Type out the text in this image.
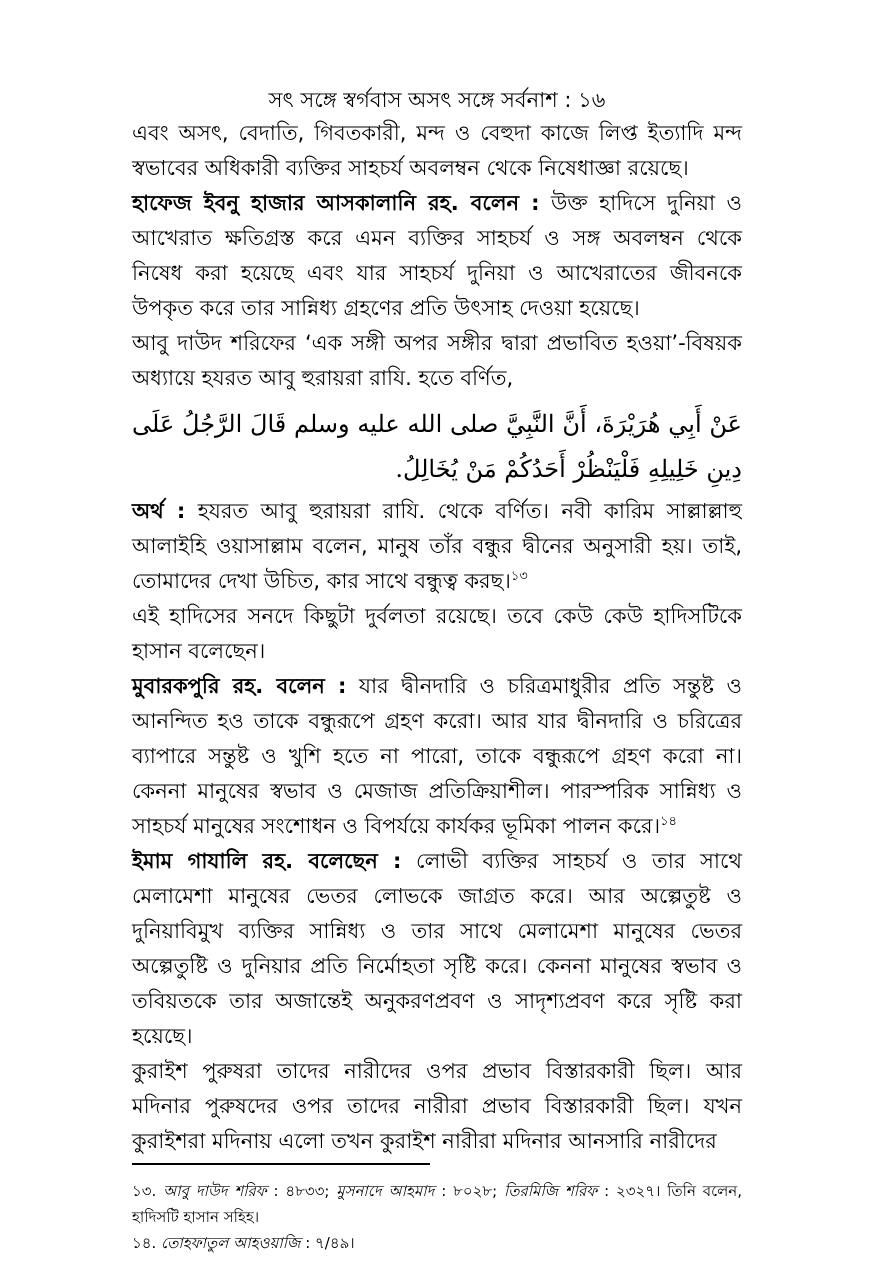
সৎ সঙ্গে স্বর্গবাস অসৎ সঙ্গে সর্বনাশ : ১৬

এবং অসৎ, বেদাতি, গিবতকারী, মন্দ ও বেহুদা কাজে লিপ্ত ইত্যাদি মন্দ স্বভাবের অধিকারী ব্যক্তির সাহচর্য অবলম্বন থেকে নিষেধাজ্ঞা রয়েছে।

হাফেজ ইবনু হাজার আসকালানি রহ. বলেন : উক্ত হাদিসে দুনিয়া ও আখেরাত ক্ষতিগ্রস্ত করে এমন ব্যক্তির সাহচর্য ও সঙ্গ অবলম্বন থেকে নিষেধ করা হয়েছে এবং যার সাহচর্য দুনিয়া ও আখেরাতের জীবনকে উপকৃত করে তার সান্নিধ্য গ্রহণের প্রতি উৎসাহ দেওয়া হয়েছে।

আবু দাউদ শরিফের ‘এক সঙ্গী অপর সঙ্গীর দ্বারা প্রভাবিত হওয়া’-বিষয়ক অধ্যায়ে হযরত আবু হুরায়রা রাযি. হতে বর্ণিত,

عَنْ أَبِي هُرَيْرَةَ، أَنَّ النَّبِيَّ صلى الله عليه وسلم قَالَ الرَّجُلُ عَلَى دِينِ خَلِيلِهِ فَلْيَنْظُرْ أَحَدُكُمْ مَنْ يُخَالِلُ.

অর্থ : হযরত আবু হুরায়রা রাযি. থেকে বর্ণিত। নবী কারিম সাল্লাল্লাহু আলাইহি ওয়াসাল্লাম বলেন, মানুষ তাঁর বন্ধুর দ্বীনের অনুসারী হয়। তাই, তোমাদের দেখা উচিত, কার সাথে বন্ধুত্ব করছ।$^{১৩}$

এই হাদিসের সনদে কিছুটা দুর্বলতা রয়েছে। তবে কেউ কেউ হাদিসটিকে হাসান বলেছেন।

মুবারকপুরি রহ. বলেন : যার দ্বীনদারি ও চরিত্রমাধুরীর প্রতি সন্তুষ্ট ও আনন্দিত হও তাকে বন্ধুরূপে গ্রহণ করো। আর যার দ্বীনদারি ও চরিত্রের ব্যাপারে সন্তুষ্ট ও খুশি হতে না পারো, তাকে বন্ধুরূপে গ্রহণ করো না। কেননা মানুষের স্বভাব ও মেজাজ প্রতিক্রিয়াশীল। পারস্পরিক সান্নিধ্য ও সাহচর্য মানুষের সংশোধন ও বিপর্যয়ে কার্যকর ভূমিকা পালন করে।$^{১৪}$

ইমাম গাযালি রহ. বলেছেন : লোভী ব্যক্তির সাহচর্য ও তার সাথে মেলামেশা মানুষের ভেতর লোভকে জাগ্রত করে। আর অল্পেতুষ্ট ও দুনিয়াবিমুখ ব্যক্তির সান্নিধ্য ও তার সাথে মেলামেশা মানুষের ভেতর অল্পেতুষ্টি ও দুনিয়ার প্রতি নির্মোহতা সৃষ্টি করে। কেননা মানুষের স্বভাব ও তবিয়তকে তার অজান্তেই অনুকরণপ্রবণ ও সাদৃশ্যপ্রবণ করে সৃষ্টি করা হয়েছে।

কুরাইশ পুরুষরা তাদের নারীদের ওপর প্রভাব বিস্তারকারী ছিল। আর মদিনার পুরুষদের ওপর তাদের নারীরা প্রভাব বিস্তারকারী ছিল। যখন কুরাইশরা মদিনায় এলো তখন কুরাইশ নারীরা মদিনার আনসারি নারীদের

১৩. আবু দাউদ শরিফ : ৪৮৩৩; মুসনাদে আহমাদ : ৮০২৮; তিরমিজি শরিফ : ২৩২৭। তিনি বলেন, হাদিসটি হাসান সহিহ।

১৪. তোহফাতুল আহওয়াজি : ৭/৪৯।
